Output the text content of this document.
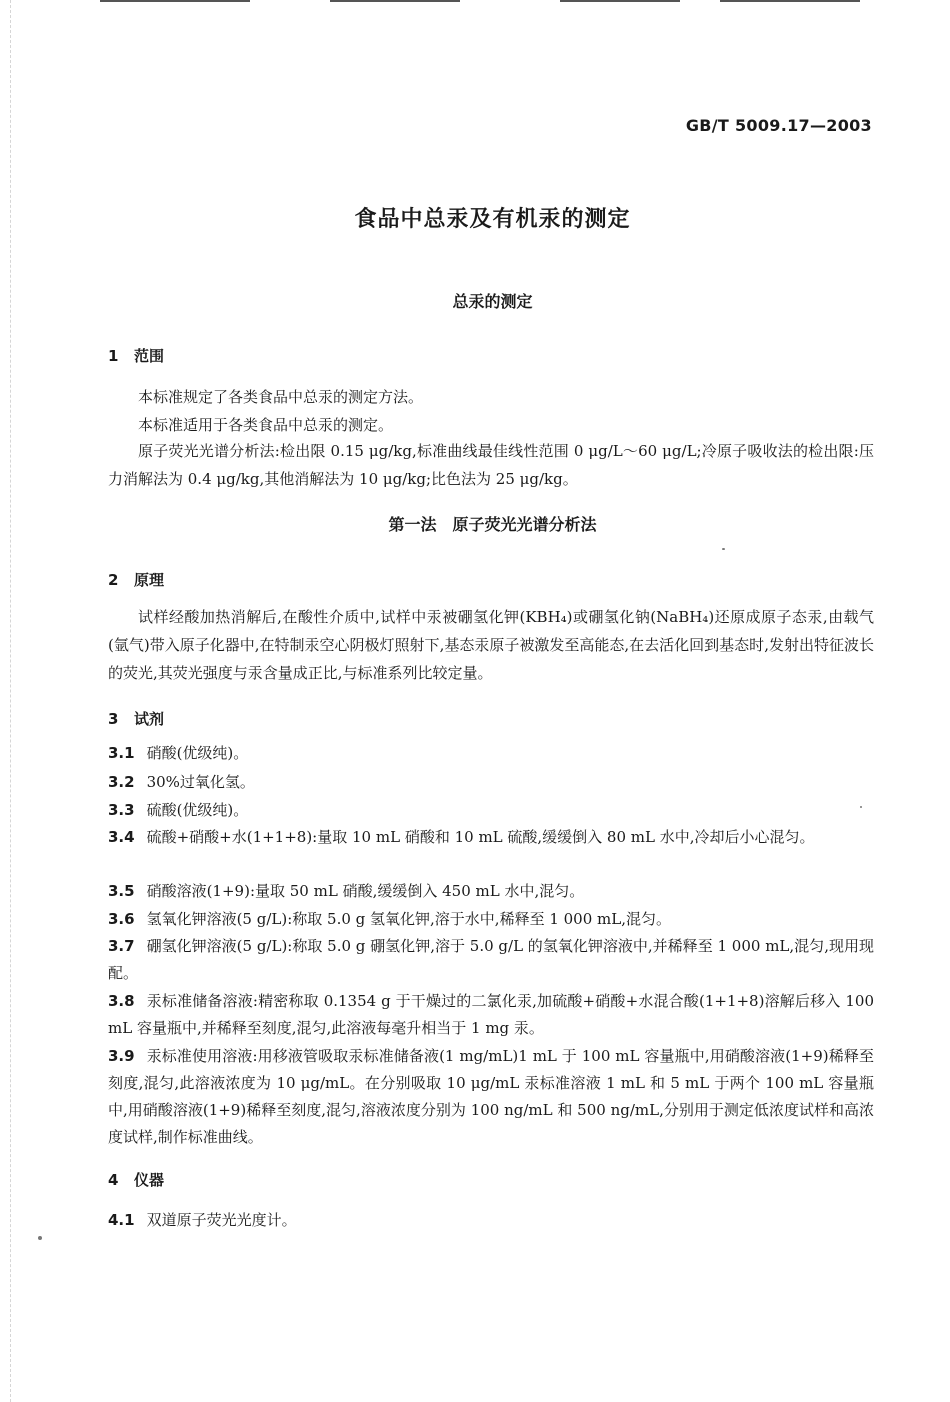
GB/T 5009.17—2003
食品中总汞及有机汞的测定
总汞的测定
1 范围
本标准规定了各类食品中总汞的测定方法。
本标准适用于各类食品中总汞的测定。
原子荧光光谱分析法:检出限 0.15 μg/kg,标准曲线最佳线性范围 0 μg/L～60 μg/L;冷原子吸收法的检出限:压力消解法为 0.4 μg/kg,其他消解法为 10 μg/kg;比色法为 25 μg/kg。
第一法　原子荧光光谱分析法
2 原理
试样经酸加热消解后,在酸性介质中,试样中汞被硼氢化钾(KBH₄)或硼氢化钠(NaBH₄)还原成原子态汞,由载气(氩气)带入原子化器中,在特制汞空心阴极灯照射下,基态汞原子被激发至高能态,在去活化回到基态时,发射出特征波长的荧光,其荧光强度与汞含量成正比,与标准系列比较定量。
3 试剂
3.1 硝酸(优级纯)。
3.2 30%过氧化氢。
3.3 硫酸(优级纯)。
3.4 硫酸+硝酸+水(1+1+8):量取 10 mL 硝酸和 10 mL 硫酸,缓缓倒入 80 mL 水中,冷却后小心混匀。
3.5 硝酸溶液(1+9):量取 50 mL 硝酸,缓缓倒入 450 mL 水中,混匀。
3.6 氢氧化钾溶液(5 g/L):称取 5.0 g 氢氧化钾,溶于水中,稀释至 1 000 mL,混匀。
3.7 硼氢化钾溶液(5 g/L):称取 5.0 g 硼氢化钾,溶于 5.0 g/L 的氢氧化钾溶液中,并稀释至 1 000 mL,混匀,现用现配。
3.8 汞标准储备溶液:精密称取 0.1354 g 于干燥过的二氯化汞,加硫酸+硝酸+水混合酸(1+1+8)溶解后移入 100 mL 容量瓶中,并稀释至刻度,混匀,此溶液每毫升相当于 1 mg 汞。
3.9 汞标准使用溶液:用移液管吸取汞标准储备液(1 mg/mL)1 mL 于 100 mL 容量瓶中,用硝酸溶液(1+9)稀释至刻度,混匀,此溶液浓度为 10 μg/mL。在分别吸取 10 μg/mL 汞标准溶液 1 mL 和 5 mL 于两个 100 mL 容量瓶中,用硝酸溶液(1+9)稀释至刻度,混匀,溶液浓度分别为 100 ng/mL 和 500 ng/mL,分别用于测定低浓度试样和高浓度试样,制作标准曲线。
4 仪器
4.1 双道原子荧光光度计。
